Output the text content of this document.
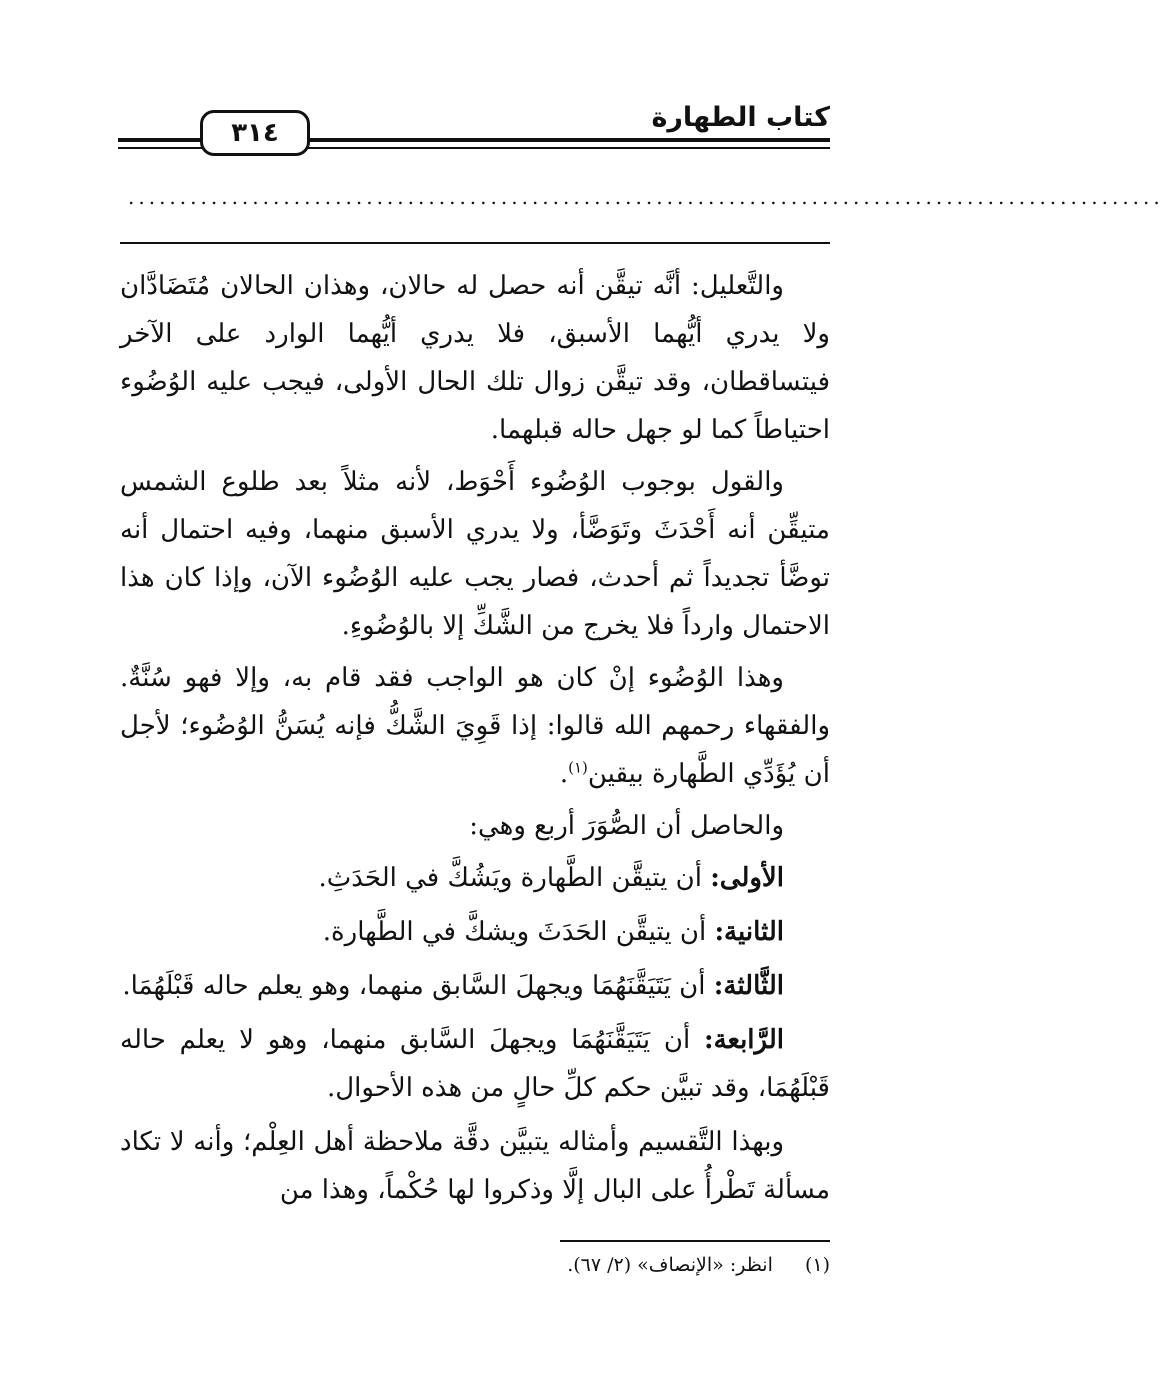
٣١٤	كتاب الطهارة
....................................................................................................

والتَّعليل: أنَّه تيقَّن أنه حصل له حالان، وهذان الحالان مُتَضَادَّان ولا يدري أيُّهما الأسبق، فلا يدري أيُّهما الوارد على الآخر فيتساقطان، وقد تيقَّن زوال تلك الحال الأولى، فيجب عليه الوُضُوء احتياطاً كما لو جهل حاله قبلهما.

والقول بوجوب الوُضُوء أَحْوَط، لأنه مثلاً بعد طلوع الشمس متيقِّن أنه أَحْدَثَ وتَوَضَّأ، ولا يدري الأسبق منهما، وفيه احتمال أنه توضَّأ تجديداً ثم أحدث، فصار يجب عليه الوُضُوء الآن، وإذا كان هذا الاحتمال وارداً فلا يخرج من الشَّكِّ إلا بالوُضُوءِ.

وهذا الوُضُوء إنْ كان هو الواجب فقد قام به، وإلا فهو سُنَّةٌ. والفقهاء رحمهم الله قالوا: إذا قَوِيَ الشَّكُّ فإنه يُسَنُّ الوُضُوء؛ لأجل أن يُؤَدِّي الطَّهارة بيقين$^{(١)}$.

والحاصل أن الصُّوَرَ أربع وهي:

الأولى: أن يتيقَّن الطَّهارة ويَشُكَّ في الحَدَثِ.

الثانية: أن يتيقَّن الحَدَثَ ويشكَّ في الطَّهارة.

الثَّالثة: أن يَتَيَقَّنَهُمَا ويجهلَ السَّابق منهما، وهو يعلم حاله قَبْلَهُمَا.

الرَّابعة: أن يَتَيَقَّنَهُمَا ويجهلَ السَّابق منهما، وهو لا يعلم حاله قَبْلَهُمَا، وقد تبيَّن حكم كلِّ حالٍ من هذه الأحوال.

وبهذا التَّقسيم وأمثاله يتبيَّن دقَّة ملاحظة أهل العِلْم؛ وأنه لا تكاد مسألة تَطْرأُ على البال إلَّا وذكروا لها حُكْماً، وهذا من

(١) انظر: «الإنصاف» (٢/ ٦٧).
